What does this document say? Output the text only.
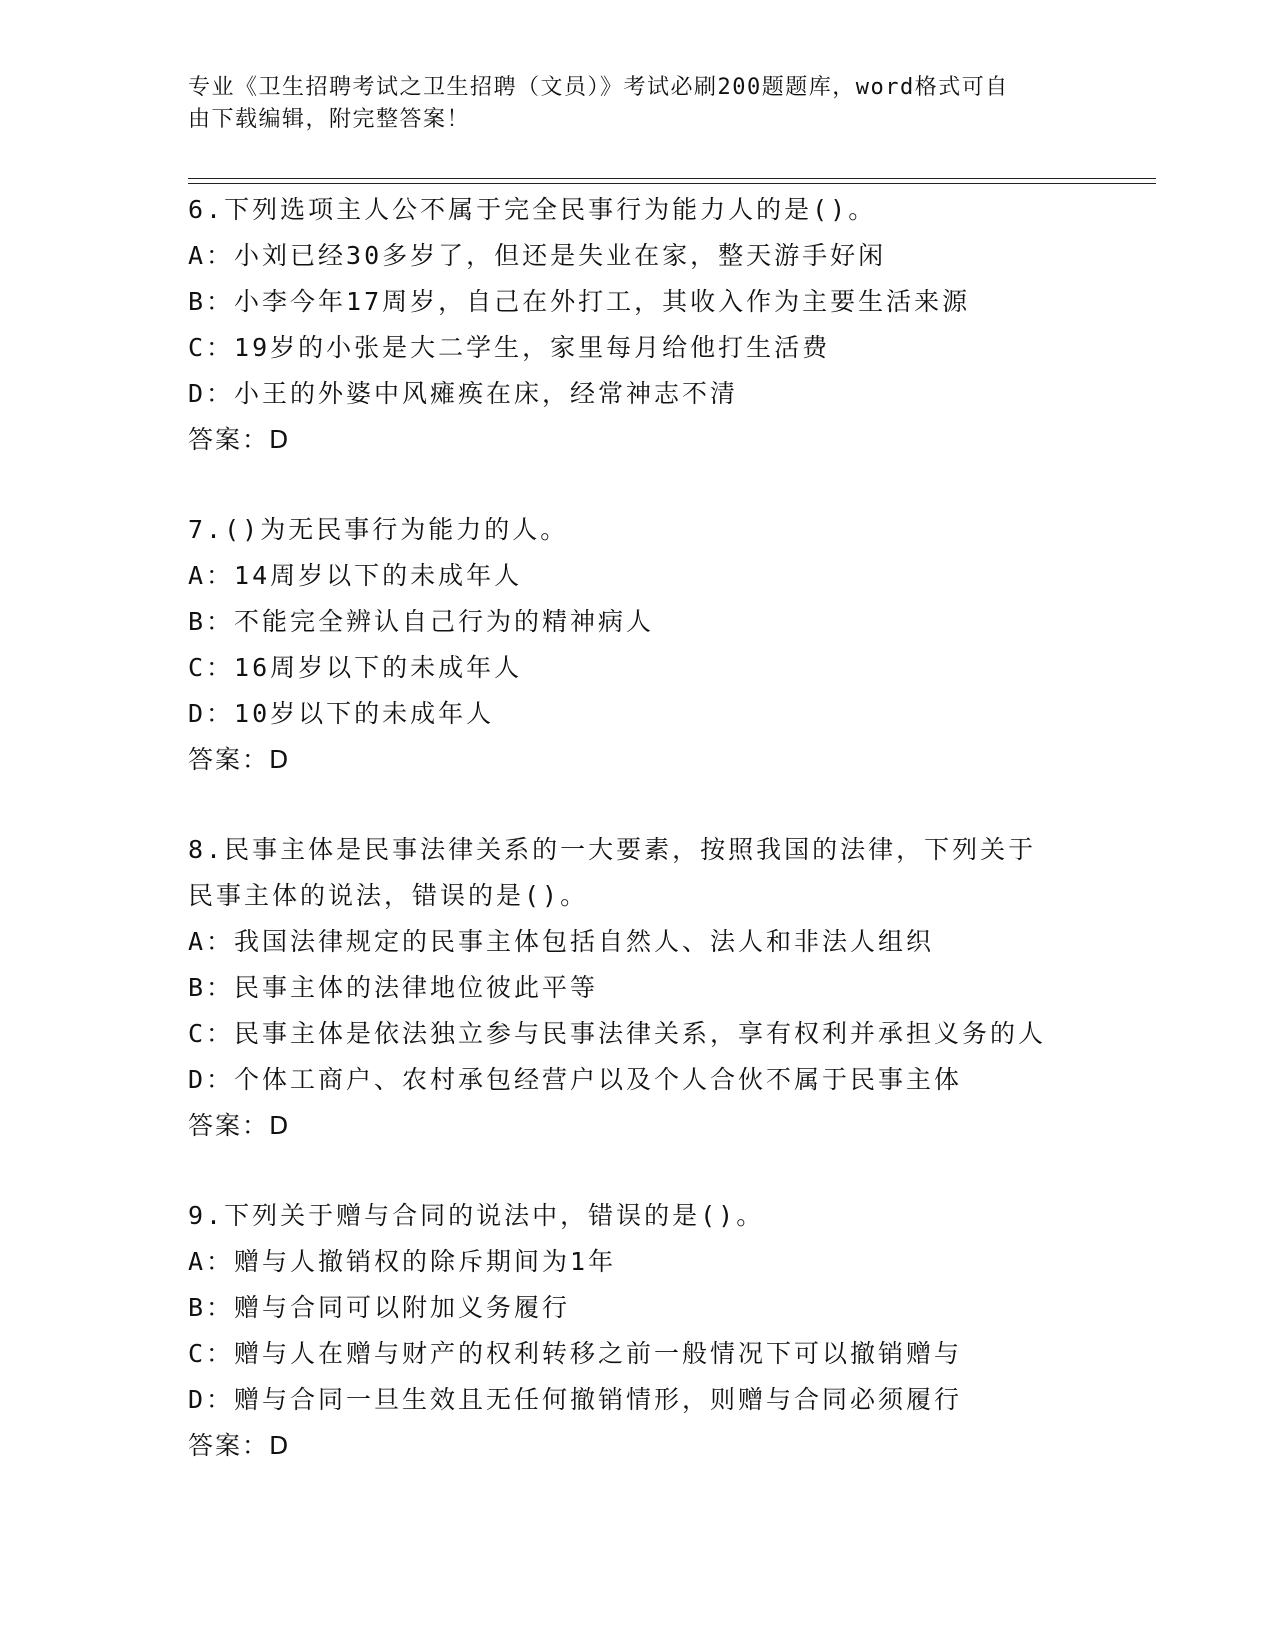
专业《卫生招聘考试之卫生招聘（文员）》考试必刷200题题库，word格式可自
由下载编辑，附完整答案！
6.下列选项主人公不属于完全民事行为能力人的是()。
A：小刘已经30多岁了，但还是失业在家，整天游手好闲
B：小李今年17周岁，自己在外打工，其收入作为主要生活来源
C：19岁的小张是大二学生，家里每月给他打生活费
D：小王的外婆中风瘫痪在床，经常神志不清
答案：D
7.()为无民事行为能力的人。
A：14周岁以下的未成年人
B：不能完全辨认自己行为的精神病人
C：16周岁以下的未成年人
D：10岁以下的未成年人
答案：D
8.民事主体是民事法律关系的一大要素，按照我国的法律，下列关于
民事主体的说法，错误的是()。
A：我国法律规定的民事主体包括自然人、法人和非法人组织
B：民事主体的法律地位彼此平等
C：民事主体是依法独立参与民事法律关系，享有权利并承担义务的人
D：个体工商户、农村承包经营户以及个人合伙不属于民事主体
答案：D
9.下列关于赠与合同的说法中，错误的是()。
A：赠与人撤销权的除斥期间为1年
B：赠与合同可以附加义务履行
C：赠与人在赠与财产的权利转移之前一般情况下可以撤销赠与
D：赠与合同一旦生效且无任何撤销情形，则赠与合同必须履行
答案：D
